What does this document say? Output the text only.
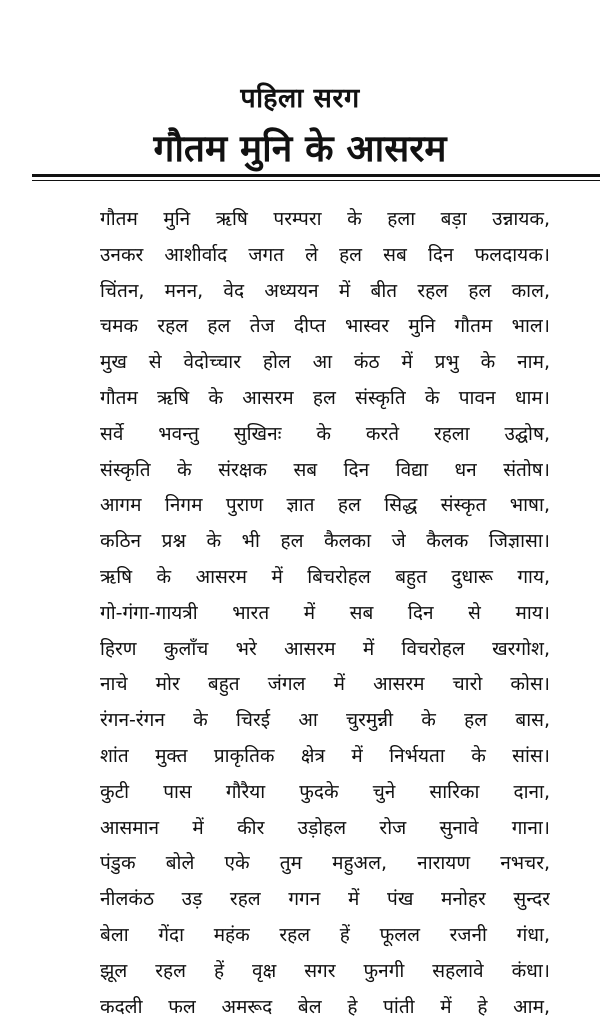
पहिला सरग
गौतम मुनि के आसरम
गौतम मुनि ऋषि परम्परा के हला बड़ा उन्नायक,
उनकर आशीर्वाद जगत ले हल सब दिन फलदायक।
चिंतन, मनन, वेद अध्ययन में बीत रहल हल काल,
चमक रहल हल तेज दीप्त भास्वर मुनि गौतम भाल।
मुख से वेदोच्चार होल आ कंठ में प्रभु के नाम,
गौतम ऋषि के आसरम हल संस्कृति के पावन धाम।
सर्वे भवन्तु सुखिनः के करते रहला उद्घोष,
संस्कृति के संरक्षक सब दिन विद्या धन संतोष।
आगम निगम पुराण ज्ञात हल सिद्ध संस्कृत भाषा,
कठिन प्रश्न के भी हल कैलका जे कैलक जिज्ञासा।
ऋषि के आसरम में बिचरोहल बहुत दुधारू गाय,
गो-गंगा-गायत्री भारत में सब दिन से माय।
हिरण कुलाँच भरे आसरम में विचरोहल खरगोश,
नाचे मोर बहुत जंगल में आसरम चारो कोस।
रंगन-रंगन के चिरई आ चुरमुन्नी के हल बास,
शांत मुक्त प्राकृतिक क्षेत्र में निर्भयता के सांस।
कुटी पास गौरैया फुदके चुने सारिका दाना,
आसमान में कीर उड़ोहल रोज सुनावे गाना।
पंडुक बोले एके तुम महुअल, नारायण नभचर,
नीलकंठ उड़ रहल गगन में पंख मनोहर सुन्दर
बेला गेंदा महंक रहल हें फूलल रजनी गंधा,
झूल रहल हें वृक्ष सगर फुनगी सहलावे कंधा।
कदली फल अमरूद बेल हे पांती में हे आम,
